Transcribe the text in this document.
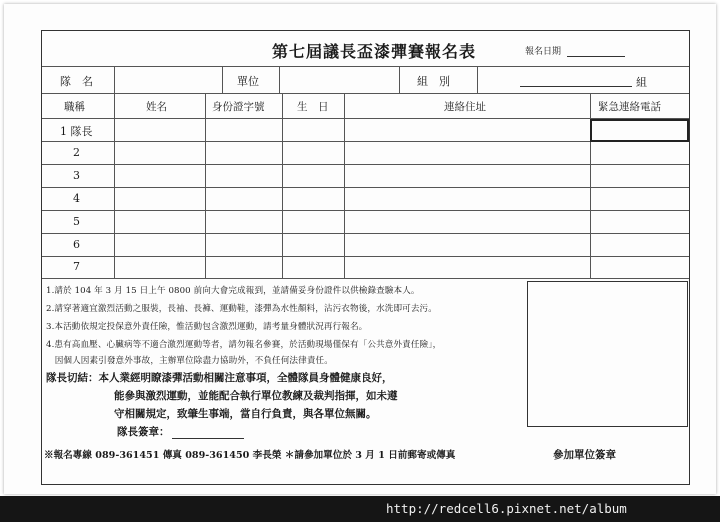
第七屆議長盃漆彈賽報名表	報名日期
隊　名	單位	組　別	組
職稱	姓名	身份證字號	生　日	連絡住址	緊急連絡電話
1 隊長
2
3
4
5
6
7
1.請於 104 年 3 月 15 日上午 0800 前向大會完成報到，並請備妥身份證件以供檢錄查驗本人。
2.請穿著適宜激烈活動之服裝，長袖、長褲、運動鞋，漆彈為水性顏料，沾污衣物後，水洗即可去污。
3.本活動依規定投保意外責任險，惟活動包含激烈運動，請考量身體狀況再行報名。
4.患有高血壓、心臟病等不適合激烈運動等者，請勿報名參賽，於活動現場僅保有「公共意外責任險」，
　因個人因素引發意外事故，主辦單位除盡力協助外，不負任何法律責任。
隊長切結：本人業經明瞭漆彈活動相關注意事項，全體隊員身體健康良好，
能參與激烈運動，並能配合執行單位教練及裁判指揮，如未遵
守相關規定，致肇生事端，當自行負責，與各單位無關。
隊長簽章：
※報名專線 089-361451 傳真 089-361450 李長榮 ＊請參加單位於 3 月 1 日前郵寄或傳真	參加單位簽章
http://redcell6.pixnet.net/album
